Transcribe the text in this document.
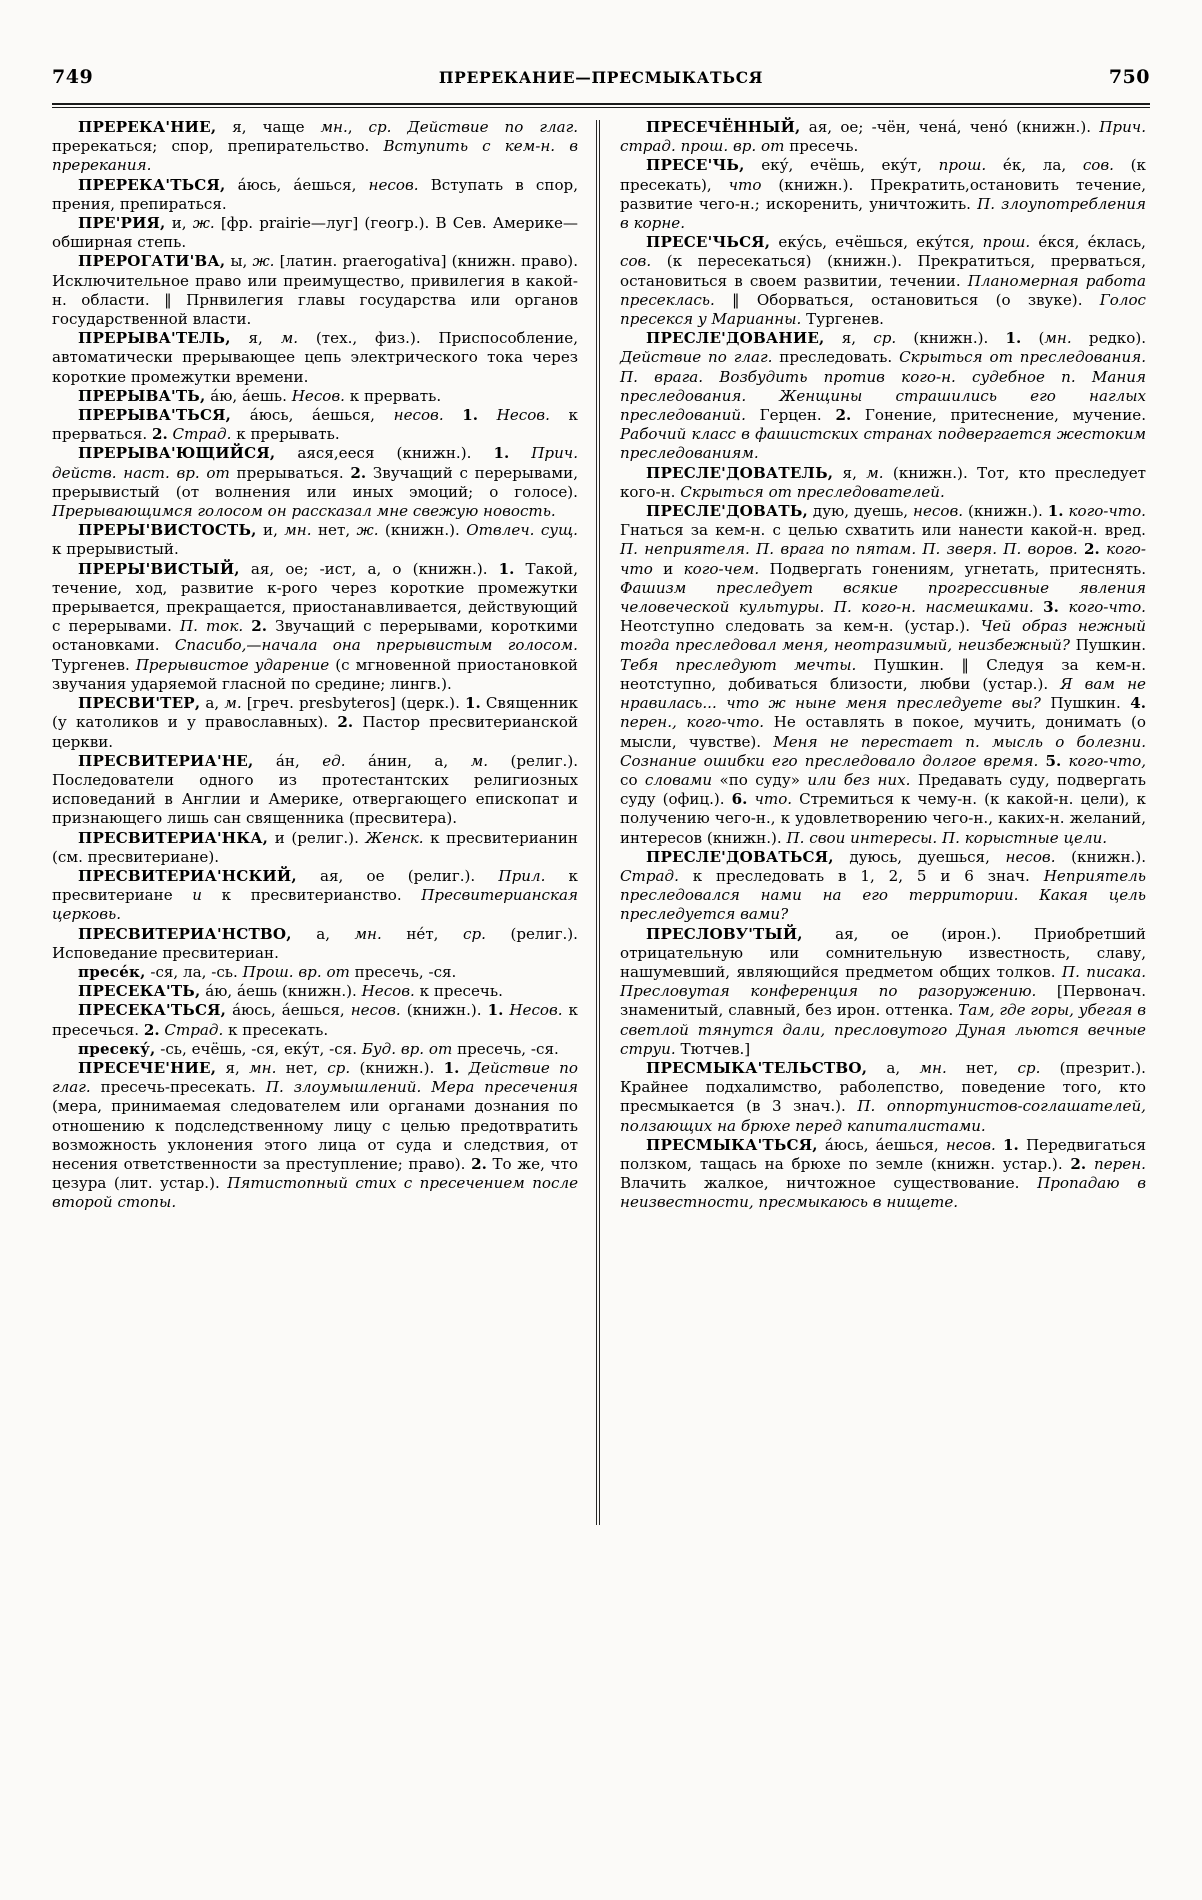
749	ПРЕРЕКАНИЕ—ПРЕСМЫКАТЬСЯ	750

ПРЕРЕКА'НИЕ, я, чаще мн., ср. Действие по глаг. пререкаться; спор, препирательство. Вступить с кем-н. в пререкания.

ПРЕРЕКА'ТЬСЯ, а́юсь, а́ешься, несов. Вступать в спор, прения, препираться.

ПРЕ'РИЯ, и, ж. [фр. prairie—луг] (геогр.). В Сев. Америке—обширная степь.

ПРЕРОГАТИ'ВА, ы, ж. [латин. praerogativa] (книжн. право). Исключительное право или преимущество, привилегия в какой-н. области. ‖ Прнвилегия главы государства или органов государственной власти.

ПРЕРЫВА'ТЕЛЬ, я, м. (тех., физ.). Приспособление, автоматически прерывающее цепь электрического тока через короткие промежутки времени.

ПРЕРЫВА'ТЬ, а́ю, а́ешь. Несов. к прервать.

ПРЕРЫВА'ТЬСЯ, а́юсь, а́ешься, несов. 1. Несов. к прерваться. 2. Страд. к прерывать.

ПРЕРЫВА'ЮЩИЙСЯ, аяся,ееся (книжн.). 1. Прич. действ. наст. вр. от прерываться. 2. Звучащий с перерывами, прерывистый (от волнения или иных эмоций; о голосе). Прерывающимся голосом он рассказал мне свежую новость.

ПРЕРЫ'ВИСТОСТЬ, и, мн. нет, ж. (книжн.). Отвлеч. сущ. к прерывистый.

ПРЕРЫ'ВИСТЫЙ, ая, ое; -ист, а, о (книжн.). 1. Такой, течение, ход, развитие к-рого через короткие промежутки прерывается, прекращается, приостанавливается, действующий с перерывами. П. ток. 2. Звучащий с перерывами, короткими остановками. Спасибо,—начала она прерывистым голосом. Тургенев. Прерывистое ударение (с мгновенной приостановкой звучания ударяемой гласной по средине; лингв.).

ПРЕСВИ'ТЕР, а, м. [греч. presbyteros] (церк.). 1. Священник (у католиков и у православных). 2. Пастор пресвитерианской церкви.

ПРЕСВИТЕРИА'НЕ, а́н, ед. а́нин, а, м. (религ.). Последователи одного из протестантских религиозных исповеданий в Англии и Америке, отвергающего епископат и признающего лишь сан священника (пресвитера).

ПРЕСВИТЕРИА'НКА, и (религ.). Женск. к пресвитерианин (см. пресвитериане).

ПРЕСВИТЕРИА'НСКИЙ, ая, ое (религ.). Прил. к пресвитериане и к пресвитерианство. Пресвитерианская церковь.

ПРЕСВИТЕРИА'НСТВО, а, мн. не́т, ср. (религ.). Исповедание пресвитериан.

пресе́к, -ся, ла, -сь. Прош. вр. от пресечь, -ся.

ПРЕСЕКА'ТЬ, а́ю, а́ешь (книжн.). Несов. к пресечь.

ПРЕСЕКА'ТЬСЯ, а́юсь, а́ешься, несов. (книжн.). 1. Несов. к пресечься. 2. Страд. к пресекать.

пресеку́, -сь, ечёшь, -ся, еку́т, -ся. Буд. вр. от пресечь, -ся.

ПРЕСЕЧЕ'НИЕ, я, мн. нет, ср. (книжн.). 1. Действие по глаг. пресечь-пресекать. П. злоумышлений. Мера пресечения (мера, принимаемая следователем или органами дознания по отношению к подследственному лицу с целью предотвратить возможность уклонения этого лица от суда и следствия, от несения ответственности за преступление; право). 2. То же, что цезура (лит. устар.). Пятистопный стих с пресечением после второй стопы.

ПРЕСЕЧЁННЫЙ, ая, ое; -чён, чена́, чено́ (книжн.). Прич. страд. прош. вр. от пресечь.

ПРЕСЕ'ЧЬ, еку́, ечёшь, еку́т, прош. е́к, ла, сов. (к пресекать), что (книжн.). Прекратить,остановить течение, развитие чего-н.; искоренить, уничтожить. П. злоупотребления в корне.

ПРЕСЕ'ЧЬСЯ, еку́сь, ечёшься, еку́тся, прош. е́кся, е́клась, сов. (к пересекаться) (книжн.). Прекратиться, прерваться, остановиться в своем развитии, течении. Планомерная работа пресеклась. ‖ Оборваться, остановиться (о звуке). Голос пресекся у Марианны. Тургенев.

ПРЕСЛЕ'ДОВАНИЕ, я, ср. (книжн.). 1. (мн. редко). Действие по глаг. преследовать. Скрыться от преследования. П. врага. Возбудить против кого-н. судебное п. Мания преследования. Женщины страшились его наглых преследований. Герцен. 2. Гонение, притеснение, мучение. Рабочий класс в фашистских странах подвергается жестоким преследованиям.

ПРЕСЛЕ'ДОВАТЕЛЬ, я, м. (книжн.). Тот, кто преследует кого-н. Скрыться от преследователей.

ПРЕСЛЕ'ДОВАТЬ, дую, дуешь, несов. (книжн.). 1. кого-что. Гнаться за кем-н. с целью схватить или нанести какой-н. вред. П. неприятеля. П. врага по пятам. П. зверя. П. воров. 2. кого-что и кого-чем. Подвергать гонениям, угнетать, притеснять. Фашизм преследует всякие прогрессивные явления человеческой культуры. П. кого-н. насмешками. 3. кого-что. Неотступно следовать за кем-н. (устар.). Чей образ нежный тогда преследовал меня, неотразимый, неизбежный? Пушкин. Тебя преследуют мечты. Пушкин. ‖ Следуя за кем-н. неотступно, добиваться близости, любви (устар.). Я вам не нравилась... что ж ныне меня преследуете вы? Пушкин. 4. перен., кого-что. Не оставлять в покое, мучить, донимать (о мысли, чувстве). Меня не перестает п. мысль о болезни. Сознание ошибки его преследовало долгое время. 5. кого-что, со словами «по суду» или без них. Предавать суду, подвергать суду (офиц.). 6. что. Стремиться к чему-н. (к какой-н. цели), к получению чего-н., к удовлетворению чего-н., каких-н. желаний, интересов (книжн.). П. свои интересы. П. корыстные цели.

ПРЕСЛЕ'ДОВАТЬСЯ, дуюсь, дуешься, несов. (книжн.). Страд. к преследовать в 1, 2, 5 и 6 знач. Неприятель преследовался нами на его территории. Какая цель преследуется вами?

ПРЕСЛОВУ'ТЫЙ, ая, ое (ирон.). Приобретший отрицательную или сомнительную известность, славу, нашумевший, являющийся предметом общих толков. П. писака. Пресловутая конференция по разоружению. [Первонач. знаменитый, славный, без ирон. оттенка. Там, где горы, убегая в светлой тянутся дали, пресловутого Дуная льются вечные струи. Тютчев.]

ПРЕСМЫКА'ТЕЛЬСТВО, а, мн. нет, ср. (презрит.). Крайнее подхалимство, раболепство, поведение того, кто пресмыкается (в 3 знач.). П. оппортунистов-соглашателей, ползающих на брюхе перед капиталистами.

ПРЕСМЫКА'ТЬСЯ, а́юсь, а́ешься, несов. 1. Передвигаться ползком, тащась на брюхе по земле (книжн. устар.). 2. перен. Влачить жалкое, ничтожное существование. Пропадаю в неизвестности, пресмыкаюсь в нищете.
